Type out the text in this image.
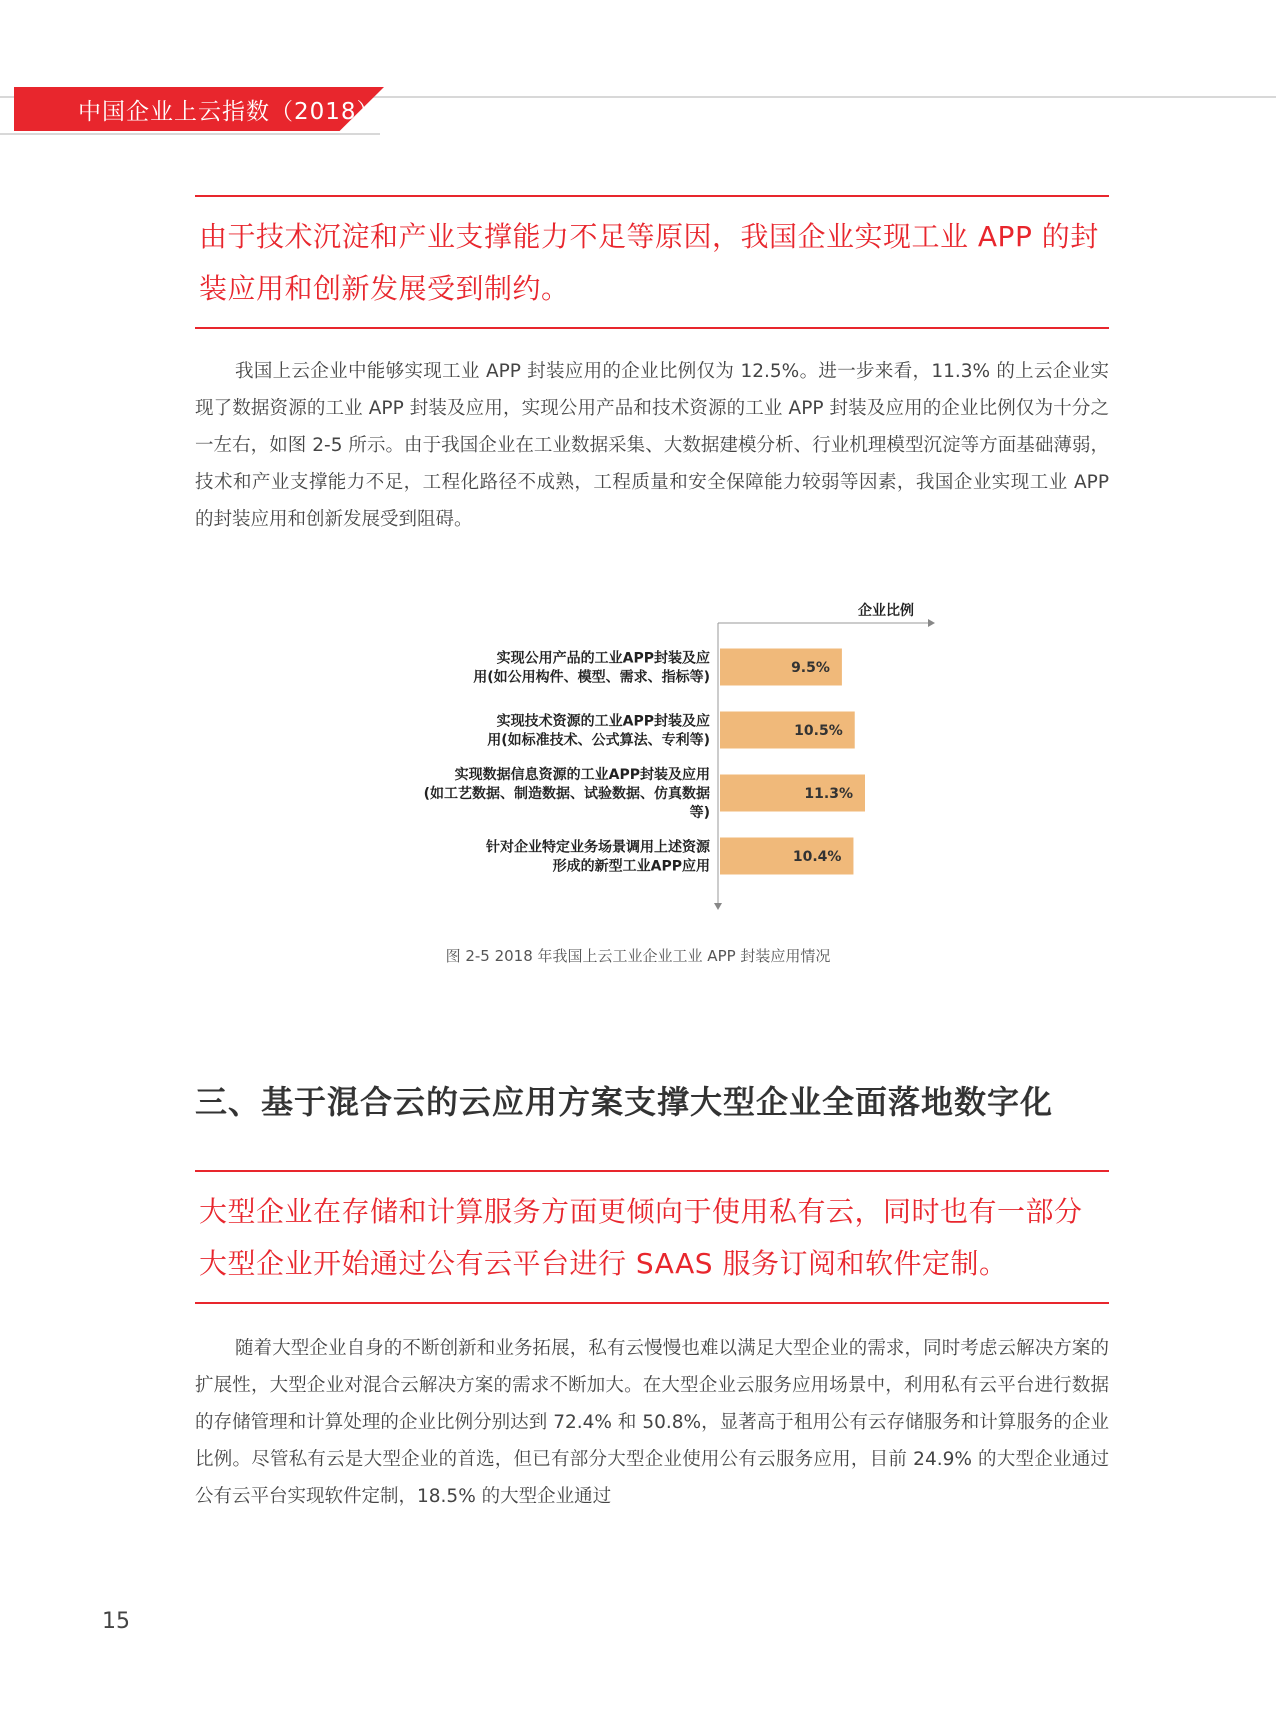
中国企业上云指数（2018）

由于技术沉淀和产业支撑能力不足等原因，我国企业实现工业 APP 的封装应用和创新发展受到制约。

我国上云企业中能够实现工业 APP 封装应用的企业比例仅为 12.5%。进一步来看，11.3% 的上云企业实现了数据资源的工业 APP 封装及应用，实现公用产品和技术资源的工业 APP 封装及应用的企业比例仅为十分之一左右，如图 2-5 所示。由于我国企业在工业数据采集、大数据建模分析、行业机理模型沉淀等方面基础薄弱，技术和产业支撑能力不足，工程化路径不成熟，工程质量和安全保障能力较弱等因素，我国企业实现工业 APP 的封装应用和创新发展受到阻碍。

企业比例
9.5%
实现公用产品的工业APP封装及应
用(如公用构件、模型、需求、指标等)
10.5%
实现技术资源的工业APP封装及应
用(如标准技术、公式算法、专利等)
11.3%
实现数据信息资源的工业APP封装及应用
(如工艺数据、制造数据、试验数据、仿真数据
等)
10.4%
针对企业特定业务场景调用上述资源
形成的新型工业APP应用
图 2-5 2018 年我国上云工业企业工业 APP 封装应用情况
三、基于混合云的云应用方案支撑大型企业全面落地数字化

大型企业在存储和计算服务方面更倾向于使用私有云，同时也有一部分大型企业开始通过公有云平台进行 SAAS 服务订阅和软件定制。

随着大型企业自身的不断创新和业务拓展，私有云慢慢也难以满足大型企业的需求，同时考虑云解决方案的扩展性，大型企业对混合云解决方案的需求不断加大。在大型企业云服务应用场景中，利用私有云平台进行数据的存储管理和计算处理的企业比例分别达到 72.4% 和 50.8%，显著高于租用公有云存储服务和计算服务的企业比例。尽管私有云是大型企业的首选，但已有部分大型企业使用公有云服务应用，目前 24.9% 的大型企业通过公有云平台实现软件定制，18.5% 的大型企业通过

15
